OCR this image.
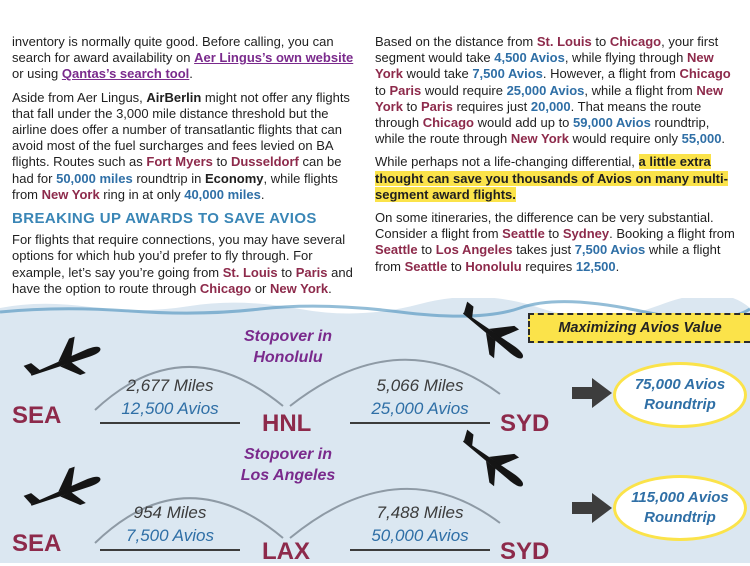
inventory is normally quite good. Before calling, you can search for award availability on Aer Lingus’s own website or using Qantas’s search tool.

Aside from Aer Lingus, AirBerlin might not offer any flights that fall under the 3,000 mile distance threshold but the airline does offer a number of transatlantic flights that can avoid most of the fuel surcharges and fees levied on BA flights. Routes such as Fort Myers to Dusseldorf can be had for 50,000 miles roundtrip in Economy, while flights from New York ring in at only 40,000 miles.

BREAKING UP AWARDS TO SAVE AVIOS

For flights that require connections, you may have several options for which hub you’d prefer to fly through. For example, let’s say you’re going from St. Louis to Paris and have the option to route through Chicago or New York.

Based on the distance from St. Louis to Chicago, your first segment would take 4,500 Avios, while flying through New York would take 7,500 Avios. However, a flight from Chicago to Paris would require 25,000 Avios, while a flight from New York to Paris requires just 20,000. That means the route through Chicago would add up to 59,000 Avios roundtrip, while the route through New York would require only 55,000.

While perhaps not a life-changing differential, a little extra thought can save you thousands of Avios on many multi-segment award flights.

On some itineraries, the difference can be very substantial. Consider a flight from Seattle to Sydney. Booking a flight from Seattle to Los Angeles takes just 7,500 Avios while a flight from Seattle to Honolulu requires 12,500.

Maximizing Avios Value
SEA	HNL	SYD
Stopover in
Honolulu
2,677 Miles
12,500 Avios
5,066 Miles
25,000 Avios
75,000 Avios
Roundtrip
SEA	LAX	SYD
Stopover in
Los Angeles
954 Miles
7,500 Avios
7,488 Miles
50,000 Avios
115,000 Avios
Roundtrip
